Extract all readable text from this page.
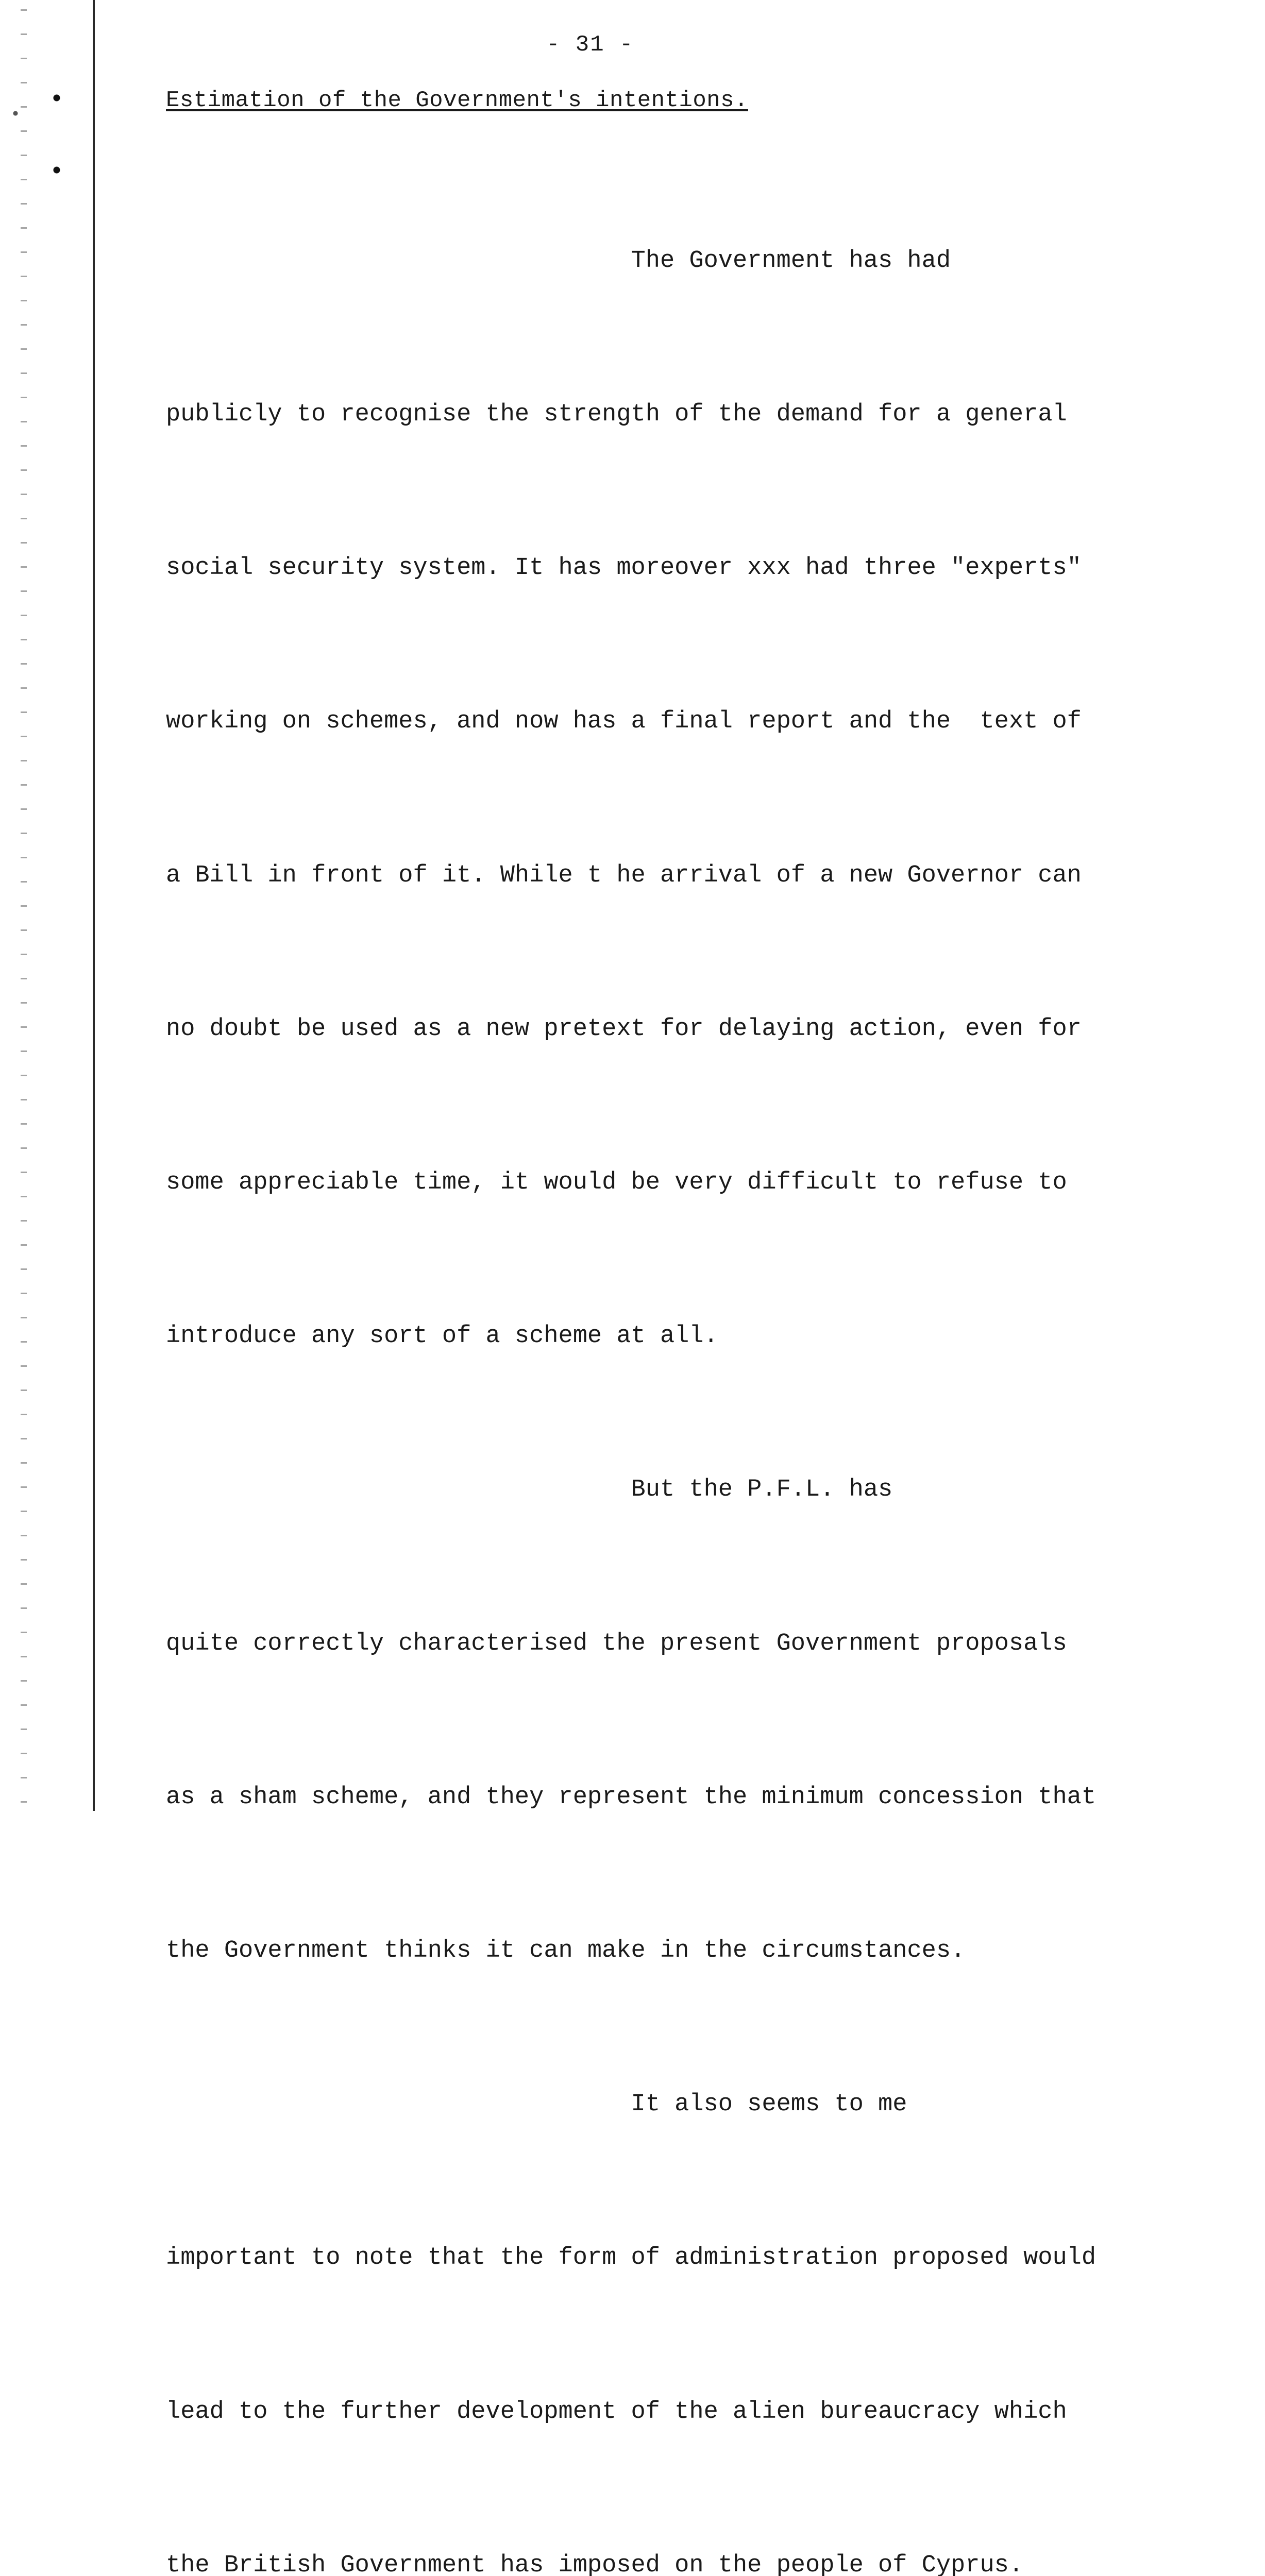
- 31 -
Estimation of the Government's intentions.

The Government has had

publicly to recognise the strength of the demand for a general

social security system. It has moreover xxx had three "experts"

working on schemes, and now has a final report and the  text of

a Bill in front of it. While t he arrival of a new Governor can

no doubt be used as a new pretext for delaying action, even for

some appreciable time, it would be very difficult to refuse to

introduce any sort of a scheme at all.

But the P.F.L. has

quite correctly characterised the present Government proposals

as a sham scheme, and they represent the minimum concession that

the Government thinks it can make in the circumstances.

It also seems to me

important to note that the form of administration proposed would

lead to the further development of the alien bureaucracy which

the British Government has imposed on the people of Cyprus.
